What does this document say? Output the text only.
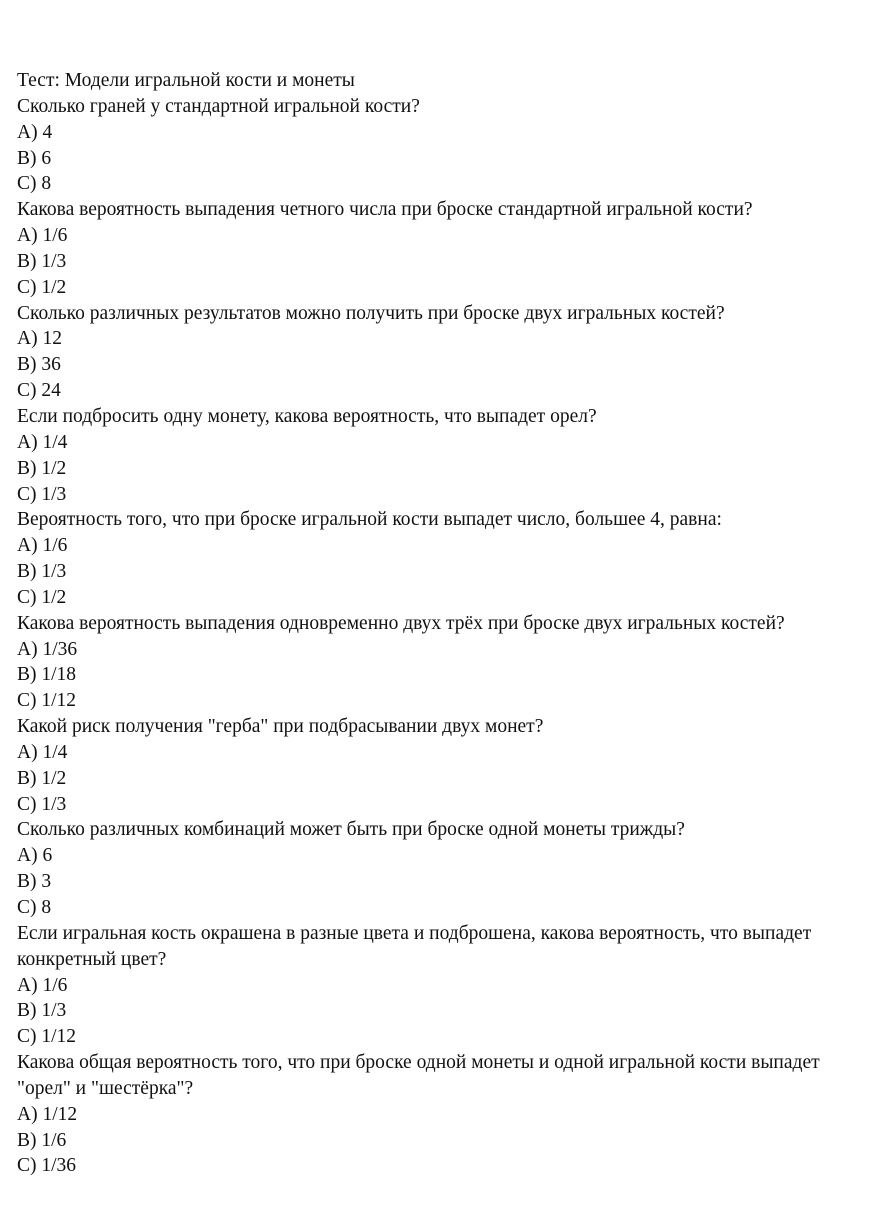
Тест: Модели игральной кости и монеты
Сколько граней у стандартной игральной кости?
A) 4
B) 6
C) 8
Какова вероятность выпадения четного числа при броске стандартной игральной кости?
A) 1/6
B) 1/3
C) 1/2
Сколько различных результатов можно получить при броске двух игральных костей?
A) 12
B) 36
C) 24
Если подбросить одну монету, какова вероятность, что выпадет орел?
A) 1/4
B) 1/2
C) 1/3
Вероятность того, что при броске игральной кости выпадет число, большее 4, равна:
A) 1/6
B) 1/3
C) 1/2
Какова вероятность выпадения одновременно двух трёх при броске двух игральных костей?
A) 1/36
B) 1/18
C) 1/12
Какой риск получения "герба" при подбрасывании двух монет?
A) 1/4
B) 1/2
C) 1/3
Сколько различных комбинаций может быть при броске одной монеты трижды?
A) 6
B) 3
C) 8
Если игральная кость окрашена в разные цвета и подброшена, какова вероятность, что выпадет конкретный цвет?
A) 1/6
B) 1/3
C) 1/12
Какова общая вероятность того, что при броске одной монеты и одной игральной кости выпадет "орел" и "шестёрка"?
A) 1/12
B) 1/6
C) 1/36
